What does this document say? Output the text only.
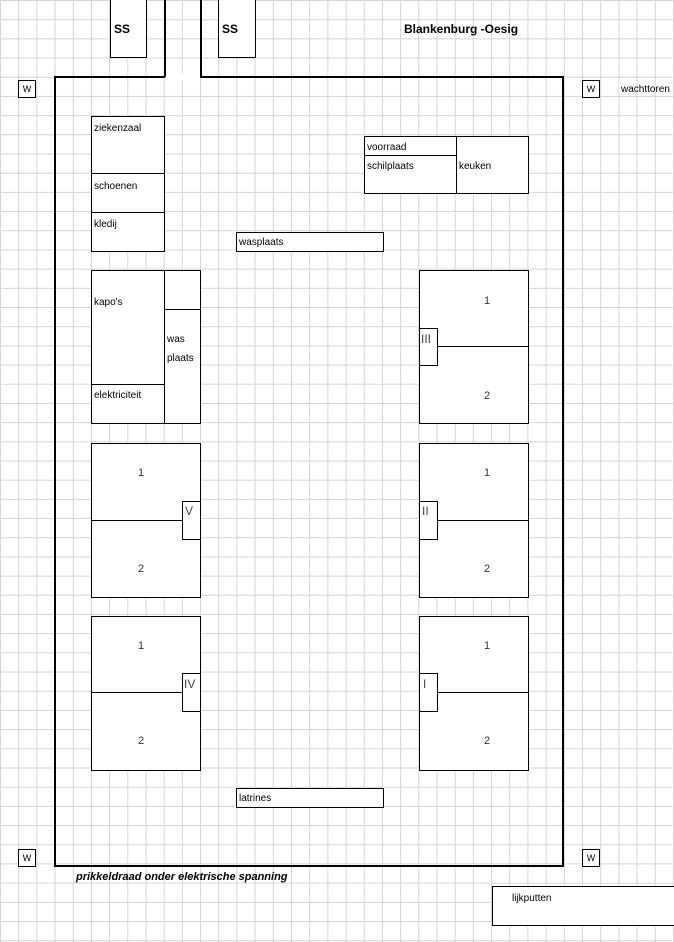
Blankenburg -Oesig
SS	SS
W	W	wachttoren
W	W
ziekenzaal
schoenen
kledij
voorraad
schilplaats	keuken
wasplaats
kapo's
was
plaats
elektriciteit
III
1
2
V
1
2
II
1
2
IV
1
2
I
1
2
latrines
prikkeldraad onder elektrische spanning
lijkputten
